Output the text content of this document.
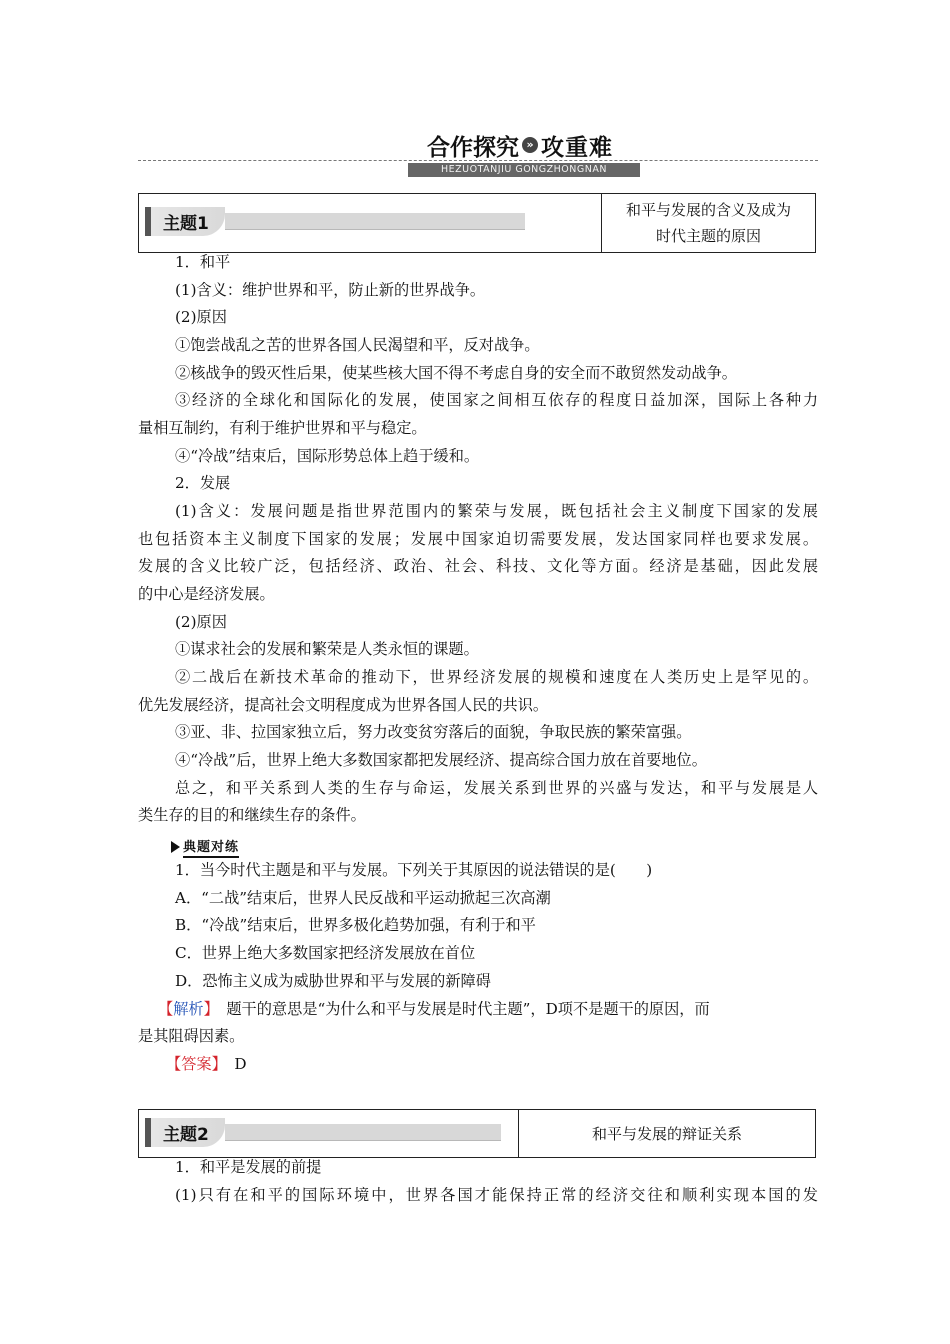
合作探究 » 攻重难
HEZUOTANJIU GONGZHONGNAN
主题1
和平与发展的含义及成为
时代主题的原因
1．和平
(1)含义：维护世界和平，防止新的世界战争。
(2)原因
①饱尝战乱之苦的世界各国人民渴望和平，反对战争。
②核战争的毁灭性后果，使某些核大国不得不考虑自身的安全而不敢贸然发动战争。
③经济的全球化和国际化的发展，使国家之间相互依存的程度日益加深，国际上各种力
量相互制约，有利于维护世界和平与稳定。
④“冷战”结束后，国际形势总体上趋于缓和。
2．发展
(1)含义：发展问题是指世界范围内的繁荣与发展，既包括社会主义制度下国家的发展
也包括资本主义制度下国家的发展；发展中国家迫切需要发展，发达国家同样也要求发展。
发展的含义比较广泛，包括经济、政治、社会、科技、文化等方面。经济是基础，因此发展
的中心是经济发展。
(2)原因
①谋求社会的发展和繁荣是人类永恒的课题。
②二战后在新技术革命的推动下，世界经济发展的规模和速度在人类历史上是罕见的。
优先发展经济，提高社会文明程度成为世界各国人民的共识。
③亚、非、拉国家独立后，努力改变贫穷落后的面貌，争取民族的繁荣富强。
④“冷战”后，世界上绝大多数国家都把发展经济、提高综合国力放在首要地位。
总之，和平关系到人类的生存与命运，发展关系到世界的兴盛与发达，和平与发展是人
类生存的目的和继续生存的条件。
典题对练
1．当今时代主题是和平与发展。下列关于其原因的说法错误的是(　　)
A．“二战”结束后，世界人民反战和平运动掀起三次高潮
B．“冷战”结束后，世界多极化趋势加强，有利于和平
C．世界上绝大多数国家把经济发展放在首位
D．恐怖主义成为威胁世界和平与发展的新障碍
【解析】　 题干的意思是“为什么和平与发展是时代主题”，D项不是题干的原因，而
是其阻碍因素。
【答案】　 D
主题2	和平与发展的辩证关系
1．和平是发展的前提
(1)只有在和平的国际环境中，世界各国才能保持正常的经济交往和顺利实现本国的发
